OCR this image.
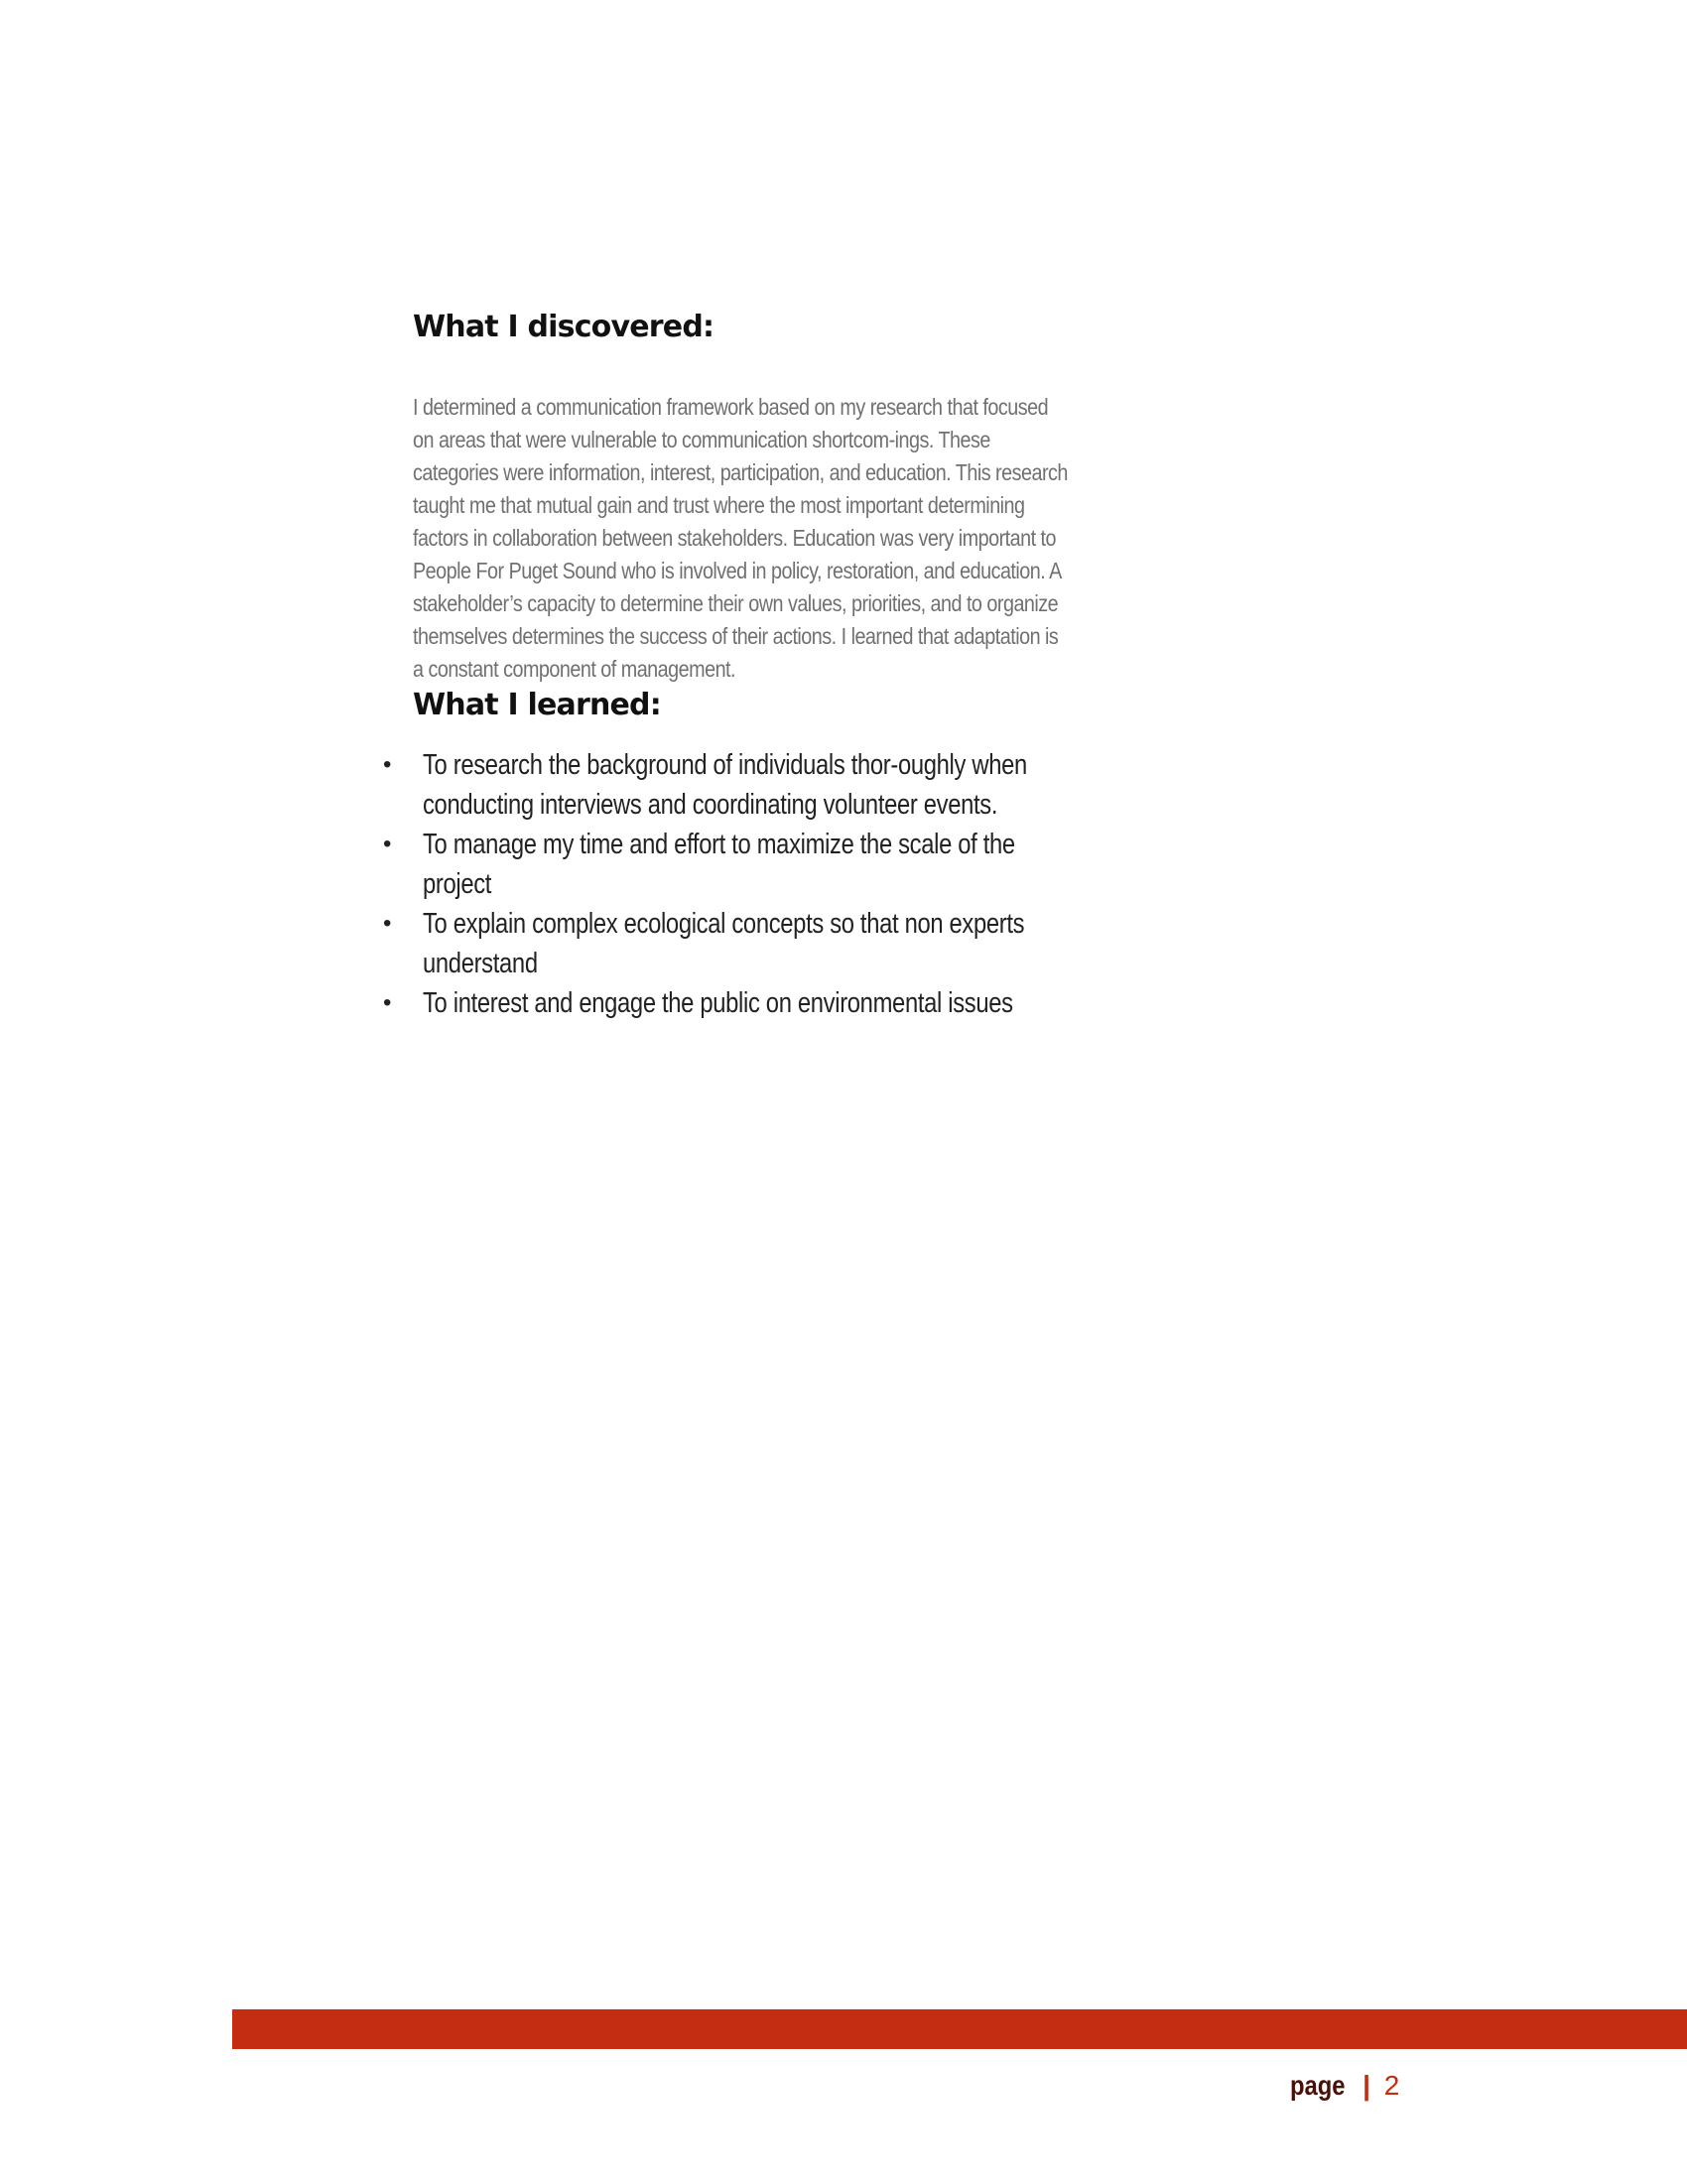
What I discovered:

I determined a communication framework based on my research that focused on areas that were vulnerable to communication shortcom-ings. These categories were information, interest, participation, and education. This research taught me that mutual gain and trust where the most important determining factors in collaboration between stakeholders. Education was very important to People For Puget Sound who is involved in policy, restoration, and education. A stakeholder’s capacity to determine their own values, priorities, and to organize themselves determines the success of their actions. I learned that adaptation is a constant component of management.

What I learned:
• To research the background of individuals thor-oughly when conducting interviews and coordinating volunteer events.
• To manage my time and effort to maximize the scale of the project
• To explain complex ecological concepts so that non experts understand
• To interest and engage the public on environmental issues
page | 2
